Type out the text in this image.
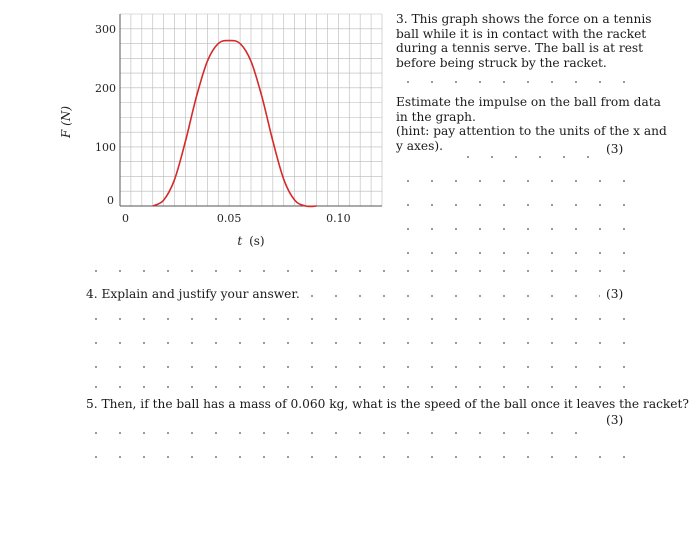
100
200
300
0
0	0.05	0.10
F (N)
t (s)
3. This graph shows the force on a tennis
ball while it is in contact with the racket
during a tennis serve. The ball is at rest
before being struck by the racket.
Estimate the impulse on the ball from data
in the graph.
(hint: pay attention to the units of the x and
y axes).	(3)
4. Explain and justify your answer.	(3)
5. Then, if the ball has a mass of 0.060 kg, what is the speed of the ball once it leaves the racket?
(3)
